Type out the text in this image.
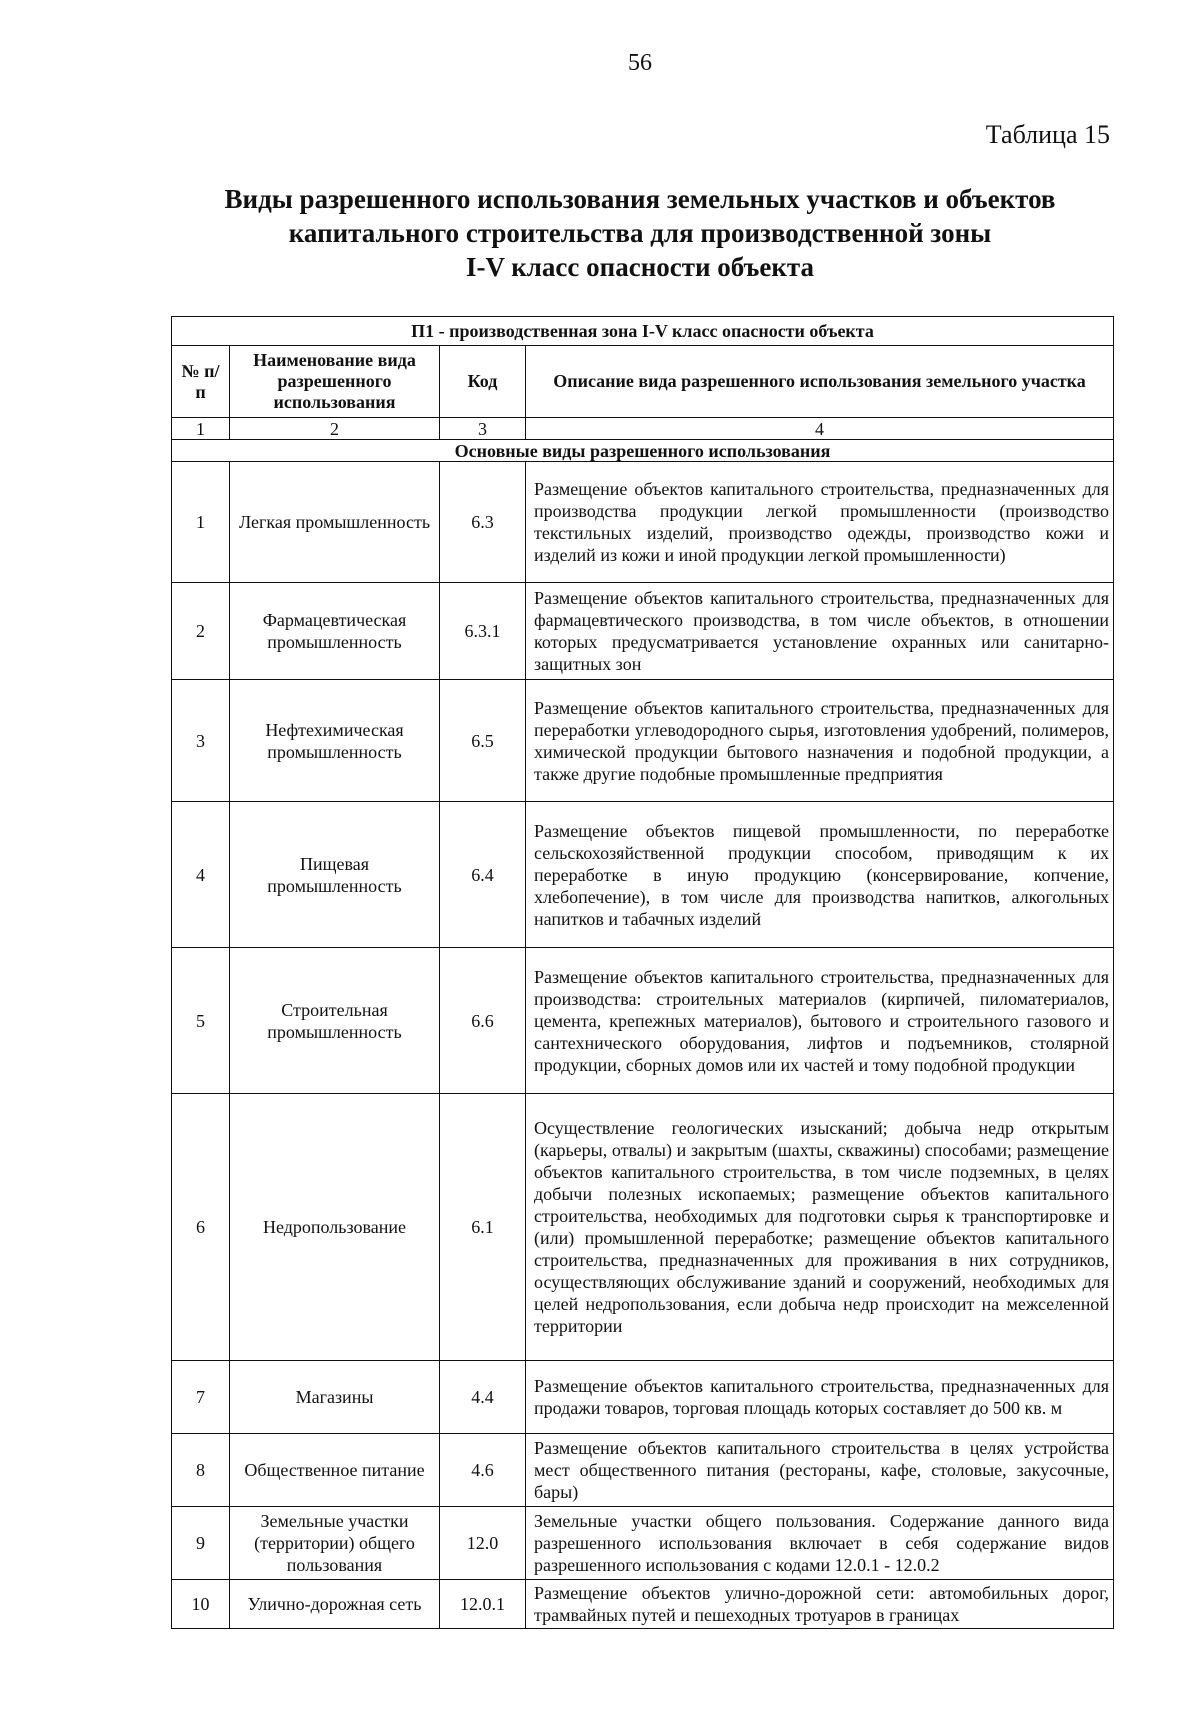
56
Таблица 15
Виды разрешенного использования земельных участков и объектов
капитального строительства для производственной зоны
I-V класс опасности объекта
П1 - производственная зона I-V класс опасности объекта			
№ п/п	Наименование вида разрешенного использования	Код	Описание вида разрешенного использования земельного участка
1	2	3	4
Основные виды разрешенного использования			
1	Легкая промышленность	6.3	Размещение объектов капитального строительства, предназначенных для производства продукции легкой промышленности (производство текстильных изделий, производство одежды, производство кожи и изделий из кожи и иной продукции легкой промышленности)
2	Фармацевтическая промышленность	6.3.1	Размещение объектов капитального строительства, предназначенных для фармацевтического производства, в том числе объектов, в отношении которых предусматривается установление охранных или санитарно-защитных зон
3	Нефтехимическая промышленность	6.5	Размещение объектов капитального строительства, предназначенных для переработки углеводородного сырья, изготовления удобрений, полимеров, химической продукции бытового назначения и подобной продукции, а также другие подобные промышленные предприятия
4	Пищевая промышленность	6.4	Размещение объектов пищевой промышленности, по переработке сельскохозяйственной продукции способом, приводящим к их переработке в иную продукцию (консервирование, копчение, хлебопечение), в том числе для производства напитков, алкогольных напитков и табачных изделий
5	Строительная промышленность	6.6	Размещение объектов капитального строительства, предназначенных для производства: строительных материалов (кирпичей, пиломатериалов, цемента, крепежных материалов), бытового и строительного газового и сантехнического оборудования, лифтов и подъемников, столярной продукции, сборных домов или их частей и тому подобной продукции
6	Недропользование	6.1	Осуществление геологических изысканий; добыча недр открытым (карьеры, отвалы) и закрытым (шахты, скважины) способами; размещение объектов капитального строительства, в том числе подземных, в целях добычи полезных ископаемых; размещение объектов капитального строительства, необходимых для подготовки сырья к транспортировке и (или) промышленной переработке; размещение объектов капитального строительства, предназначенных для проживания в них сотрудников, осуществляющих обслуживание зданий и сооружений, необходимых для целей недропользования, если добыча недр происходит на межселенной территории
7	Магазины	4.4	Размещение объектов капитального строительства, предназначенных для продажи товаров, торговая площадь которых составляет до 500 кв. м
8	Общественное питание	4.6	Размещение объектов капитального строительства в целях устройства мест общественного питания (рестораны, кафе, столовые, закусочные, бары)
9	Земельные участки (территории) общего пользования	12.0	Земельные участки общего пользования. Содержание данного вида разрешенного использования включает в себя содержание видов разрешенного использования с кодами 12.0.1 - 12.0.2
10	Улично-дорожная сеть	12.0.1	Размещение объектов улично-дорожной сети: автомобильных дорог, трамвайных путей и пешеходных тротуаров в границах
